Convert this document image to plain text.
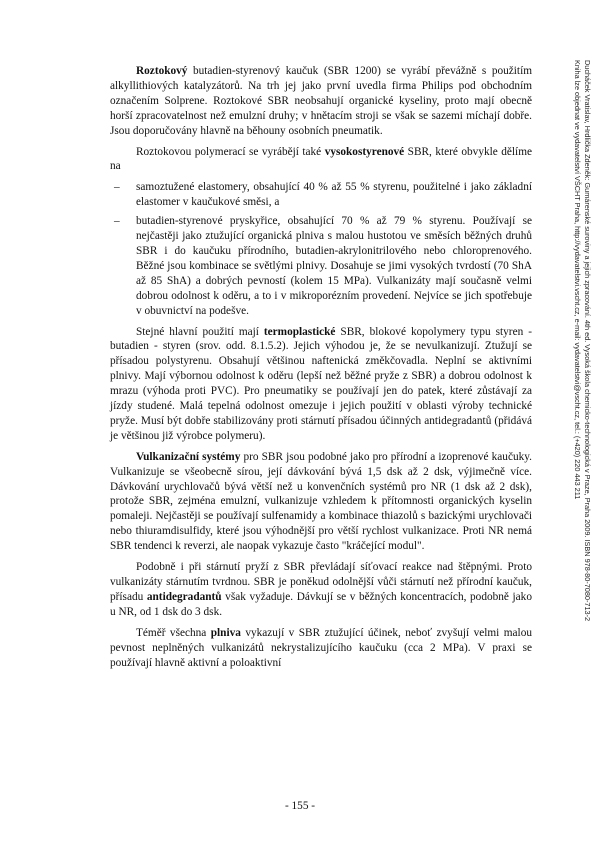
Roztokový butadien-styrenový kaučuk (SBR 1200) se vyrábí převážně s použitím alkyllithiových katalyzátorů. Na trh jej jako první uvedla firma Philips pod obchodním označením Solprene. Roztokové SBR neobsahují organické kyseliny, proto mají obecně horší zpracovatelnost než emulzní druhy; v hnětacím stroji se však se sazemi míchají dobře. Jsou doporučovány hlavně na běhouny osobních pneumatik.

Roztokovou polymerací se vyrábějí také vysokostyrenové SBR, které obvykle dělíme na

– samoztužené elastomery, obsahující 40 % až 55 % styrenu, použitelné i jako základní elastomer v kaučukové směsi, a
– butadien-styrenové pryskyřice, obsahující 70 % až 79 % styrenu. Používají se nejčastěji jako ztužující organická plniva s malou hustotou ve směsích běžných druhů SBR i do kaučuku přírodního, butadien-akrylonitrilového nebo chloroprenového. Běžné jsou kombinace se světlými plnivy. Dosahuje se jimi vysokých tvrdostí (70 ShA až 85 ShA) a dobrých pevností (kolem 15 MPa). Vulkanizáty mají současně velmi dobrou odolnost k oděru, a to i v mikroporézním provedení. Nejvíce se jich spotřebuje v obuvnictví na podešve.

Stejné hlavní použití mají termoplastické SBR, blokové kopolymery typu styren - butadien - styren (srov. odd. 8.1.5.2). Jejich výhodou je, že se nevulkanizují. Ztužují se přísadou polystyrenu. Obsahují většinou naftenická změkčovadla. Neplní se aktivními plnivy. Mají výbornou odolnost k oděru (lepší než běžné pryže z SBR) a dobrou odolnost k mrazu (výhoda proti PVC). Pro pneumatiky se používají jen do patek, které zůstávají za jízdy studené. Malá tepelná odolnost omezuje i jejich použití v oblasti výroby technické pryže. Musí být dobře stabilizovány proti stárnutí přísadou účinných antidegradantů (přidává je většinou již výrobce polymeru).

Vulkanizační systémy pro SBR jsou podobné jako pro přírodní a izoprenové kaučuky. Vulkanizuje se všeobecně sírou, její dávkování bývá 1,5 dsk až 2 dsk, výjimečně více. Dávkování urychlovačů bývá větší než u konvenčních systémů pro NR (1 dsk až 2 dsk), protože SBR, zejména emulzní, vulkanizuje vzhledem k přítomnosti organických kyselin pomaleji. Nejčastěji se používají sulfenamidy a kombinace thiazolů s bazickými urychlovači nebo thiuramdisulfidy, které jsou výhodnější pro větší rychlost vulkanizace. Proti NR nemá SBR tendenci k reverzi, ale naopak vykazuje často "kráčející modul".

Podobně i při stárnutí pryží z SBR převládají síťovací reakce nad štěpnými. Proto vulkanizáty stárnutím tvrdnou. SBR je poněkud odolnější vůči stárnutí než přírodní kaučuk, přísadu antidegradantů však vyžaduje. Dávkují se v běžných koncentracích, podobně jako u NR, od 1 dsk do 3 dsk.

Téměř všechna plniva vykazují v SBR ztužující účinek, neboť zvyšují velmi malou pevnost neplněných vulkanizátů nekrystalizujícího kaučuku (cca 2 MPa). V praxi se používají hlavně aktivní a poloaktivní

- 155 -
Ducháček Vratislav, Hrdlička Zdeněk: Gumárenské suroviny a jejich zpracování. 4th ed. Vysoká škola chemicko-technologická v Praze, Praha 2009. ISBN 978-80-7080-713-2
Kniha lze objednat ve vydavatelství VŠCHT Praha, http://vydavatelstvi.vscht.cz, e-mail: vydavatelstvi@vscht.cz, tel.: (+420) 220 443 211
